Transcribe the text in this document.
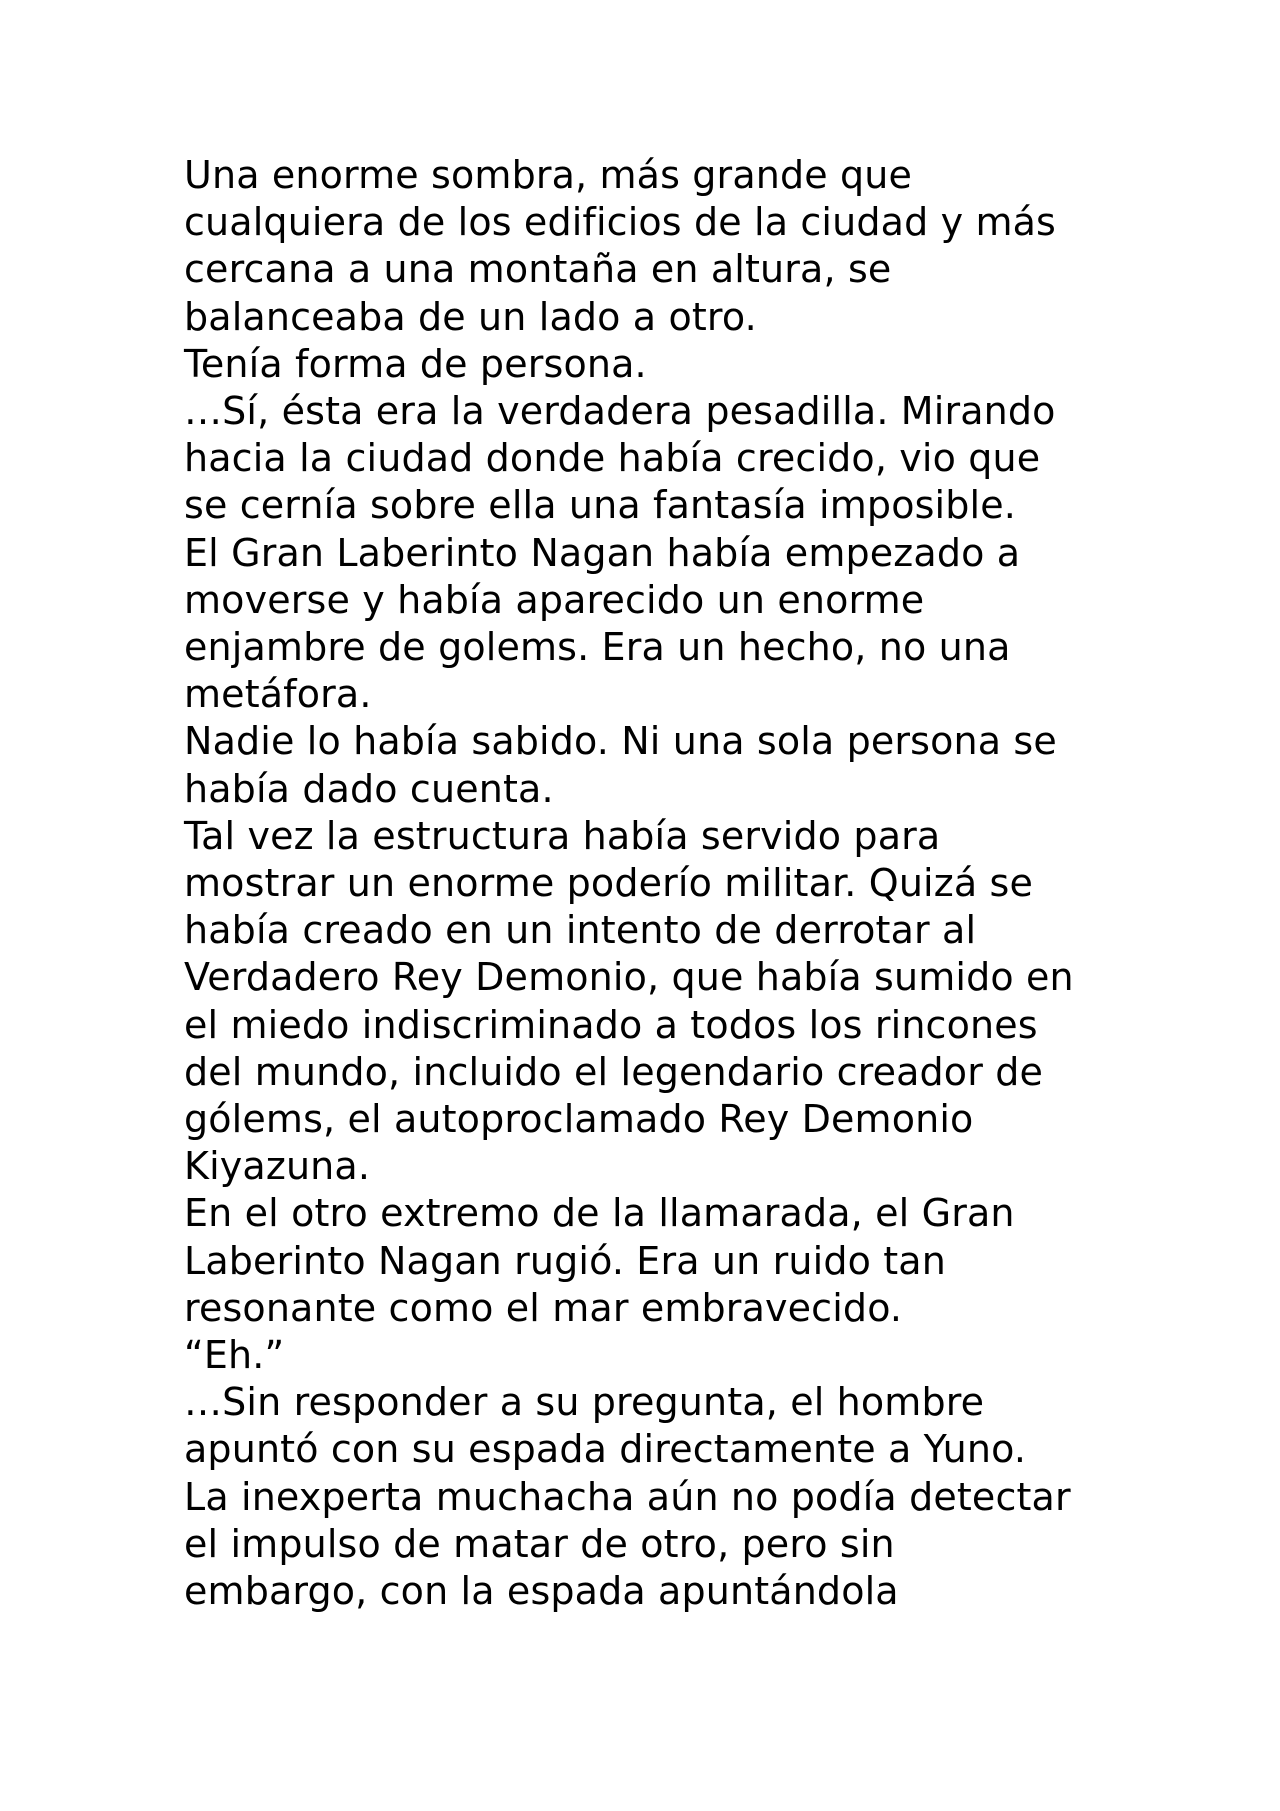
Una enorme sombra, más grande que
cualquiera de los edificios de la ciudad y más
cercana a una montaña en altura, se
balanceaba de un lado a otro.
Tenía forma de persona.
…Sí, ésta era la verdadera pesadilla. Mirando
hacia la ciudad donde había crecido, vio que
se cernía sobre ella una fantasía imposible.
El Gran Laberinto Nagan había empezado a
moverse y había aparecido un enorme
enjambre de golems. Era un hecho, no una
metáfora.
Nadie lo había sabido. Ni una sola persona se
había dado cuenta.
Tal vez la estructura había servido para
mostrar un enorme poderío militar. Quizá se
había creado en un intento de derrotar al
Verdadero Rey Demonio, que había sumido en
el miedo indiscriminado a todos los rincones
del mundo, incluido el legendario creador de
gólems, el autoproclamado Rey Demonio
Kiyazuna.
En el otro extremo de la llamarada, el Gran
Laberinto Nagan rugió. Era un ruido tan
resonante como el mar embravecido.
“Eh.”
…Sin responder a su pregunta, el hombre
apuntó con su espada directamente a Yuno.
La inexperta muchacha aún no podía detectar
el impulso de matar de otro, pero sin
embargo, con la espada apuntándola
